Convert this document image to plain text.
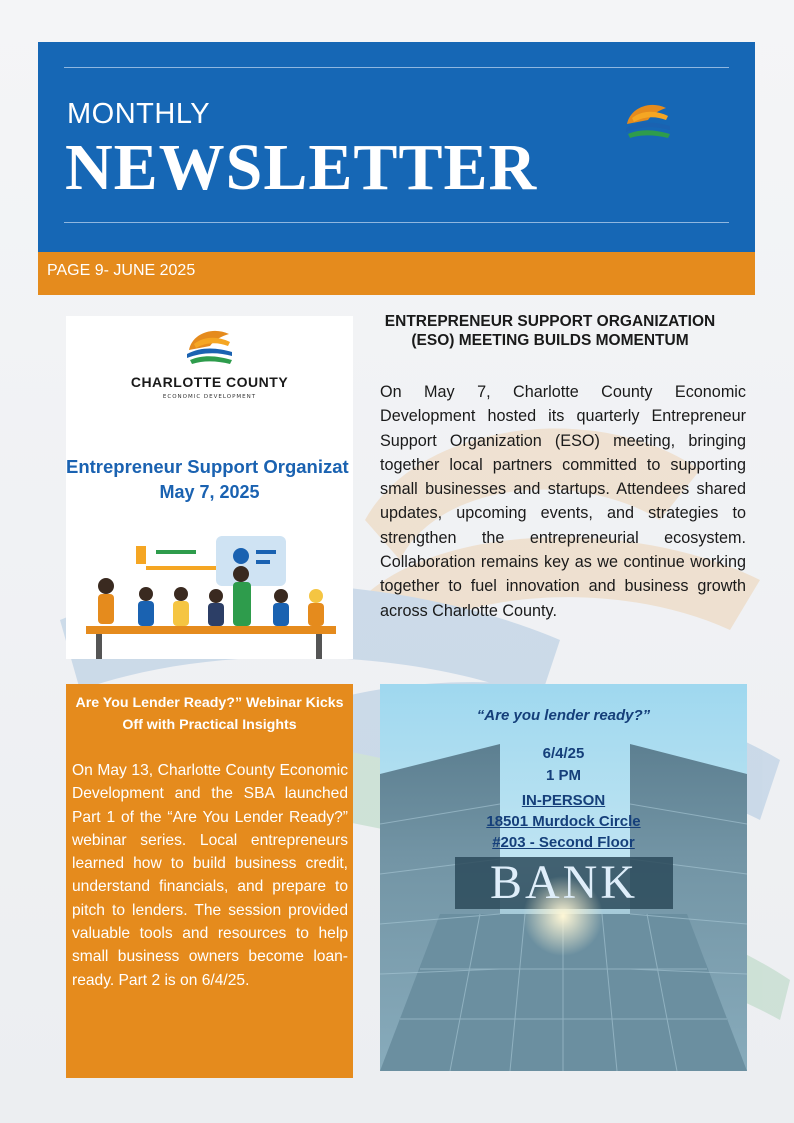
MONTHLY
NEWSLETTER
PAGE 9- JUNE 2025
CHARLOTTE COUNTY
ECONOMIC DEVELOPMENT
Entrepreneur Support Organizat
May 7, 2025
ENTREPRENEUR SUPPORT ORGANIZATION (ESO) MEETING BUILDS MOMENTUM
On May 7, Charlotte County Economic Development hosted its quarterly Entrepreneur Support Organization (ESO) meeting, bringing together local partners committed to supporting small businesses and startups. Attendees shared updates, upcoming events, and strategies to strengthen the entrepreneurial ecosystem. Collaboration remains key as we continue working together to fuel innovation and business growth across Charlotte County.
Are You Lender Ready?” Webinar Kicks Off with Practical Insights
On May 13, Charlotte County Economic Development and the SBA launched Part 1 of the “Are You Lender Ready?” webinar series. Local entrepreneurs learned how to build business credit, understand financials, and prepare to pitch to lenders. The session provided valuable tools and resources to help small business owners become loan-ready. Part 2 is on 6/4/25.
“Are you lender ready?”
6/4/25
1 PM
IN-PERSON
18501 Murdock Circle
#203 - Second Floor
BANK
